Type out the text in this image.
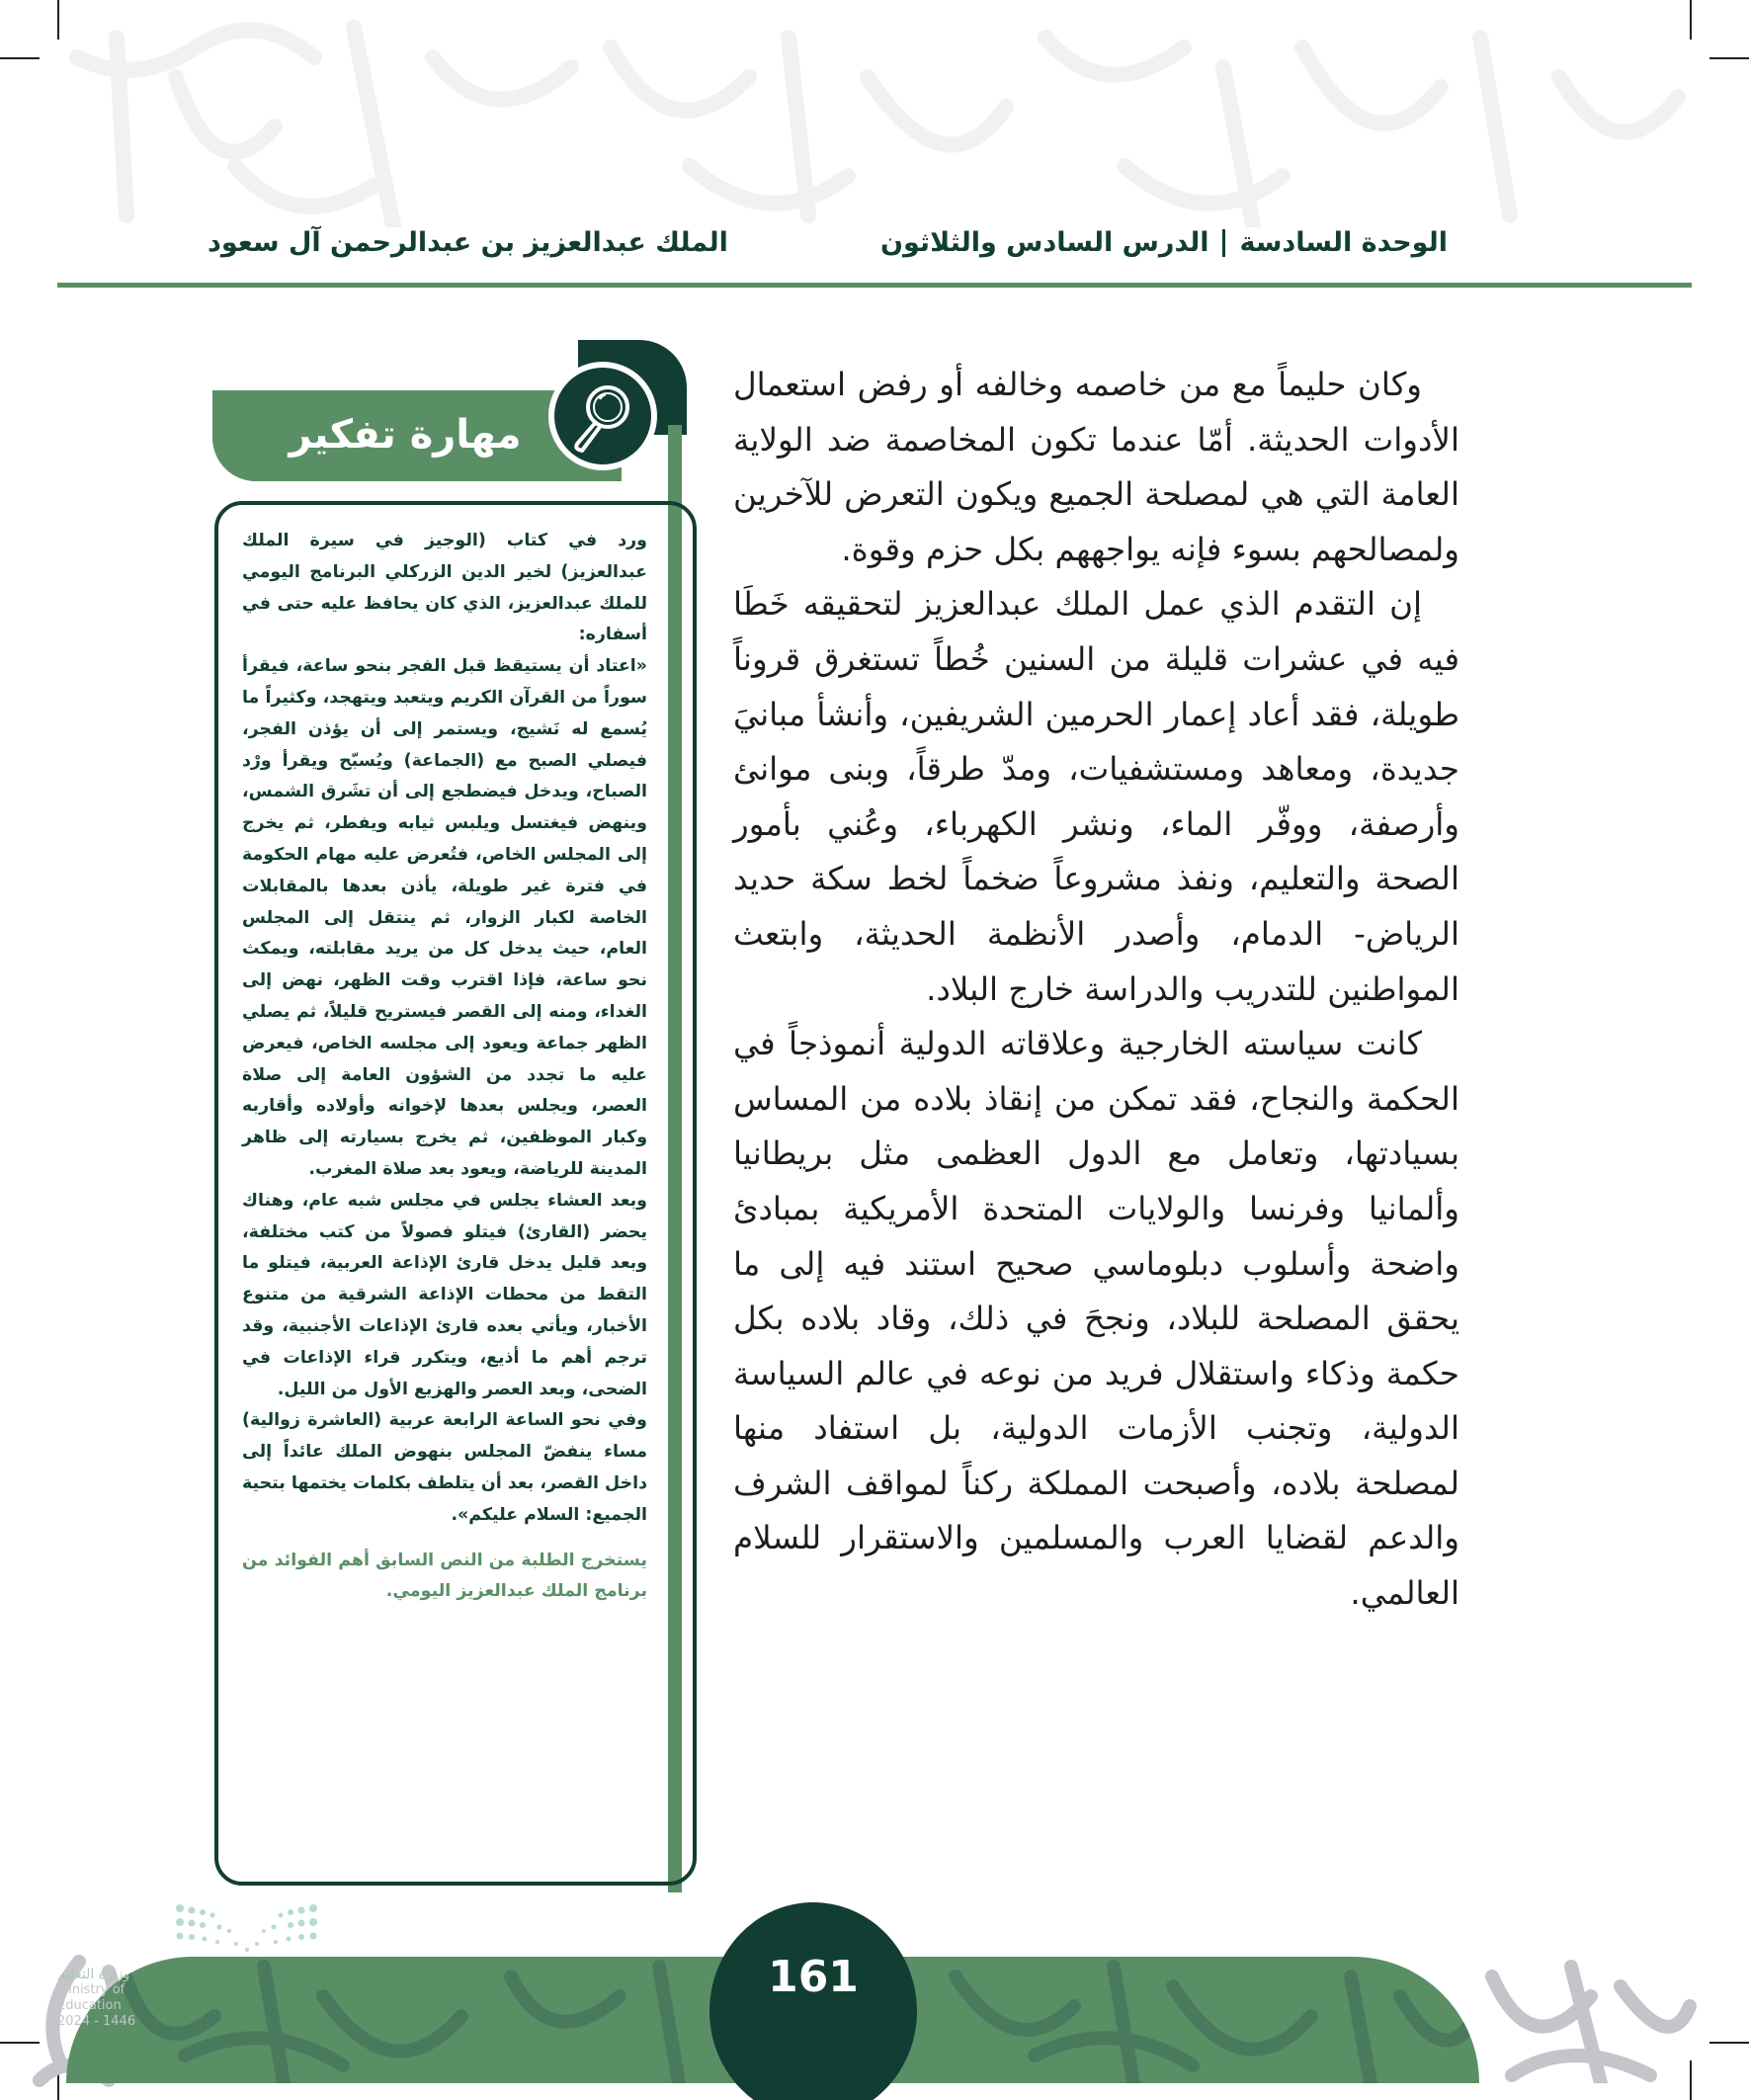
الوحدة السادسةالدرس السادس والثلاثون
الملك عبدالعزيز بن عبدالرحمن آل سعود

وكان حليماً مع من خاصمه وخالفه أو رفض استعمال الأدوات الحديثة. أمّا عندما تكون المخاصمة ضد الولاية العامة التي هي لمصلحة الجميع ويكون التعرض للآخرين ولمصالحهم بسوء فإنه يواجههم بكل حزم وقوة.

إن التقدم الذي عمل الملك عبدالعزيز لتحقيقه خَطَا فيه في عشرات قليلة من السنين خُطاً تستغرق قروناً طويلة، فقد أعاد إعمار الحرمين الشريفين، وأنشأ مبانيَ جديدة، ومعاهد ومستشفيات، ومدّ طرقاً، وبنى موانئ وأرصفة، ووفّر الماء، ونشر الكهرباء، وعُني بأمور الصحة والتعليم، ونفذ مشروعاً ضخماً لخط سكة حديد الرياض- الدمام، وأصدر الأنظمة الحديثة، وابتعث المواطنين للتدريب والدراسة خارج البلاد.

كانت سياسته الخارجية وعلاقاته الدولية أنموذجاً في الحكمة والنجاح، فقد تمكن من إنقاذ بلاده من المساس بسيادتها، وتعامل مع الدول العظمى مثل بريطانيا وألمانيا وفرنسا والولايات المتحدة الأمريكية بمبادئ واضحة وأسلوب دبلوماسي صحيح استند فيه إلى ما يحقق المصلحة للبلاد، ونجحَ في ذلك، وقاد بلاده بكل حكمة وذكاء واستقلال فريد من نوعه في عالم السياسة الدولية، وتجنب الأزمات الدولية، بل استفاد منها لمصلحة بلاده، وأصبحت المملكة ركناً لمواقف الشرف والدعم لقضايا العرب والمسلمين والاستقرار للسلام العالمي.

مهارة تفكير

ورد في كتاب (الوجيز في سيرة الملك عبدالعزيز) لخير الدين الزركلي البرنامج اليومي للملك عبدالعزيز، الذي كان يحافظ عليه حتى في أسفاره:

«اعتاد أن يستيقظ قبل الفجر بنحو ساعة، فيقرأ سوراً من القرآن الكريم ويتعبد ويتهجد، وكثيراً ما يُسمع له نَشيج، ويستمر إلى أن يؤذن الفجر، فيصلي الصبح مع (الجماعة) ويُسبّح ويقرأ ورْد الصباح، ويدخل فيضطجع إلى أن تشَرق الشمس، وينهض فيغتسل ويلبس ثيابه ويفطر، ثم يخرج إلى المجلس الخاص، فتُعرض عليه مهام الحكومة في فترة غير طويلة، يأذن بعدها بالمقابلات الخاصة لكبار الزوار، ثم ينتقل إلى المجلس العام، حيث يدخل كل من يريد مقابلته، ويمكث نحو ساعة، فإذا اقترب وقت الظهر، نهض إلى الغداء، ومنه إلى القصر فيستريح قليلاً، ثم يصلي الظهر جماعة ويعود إلى مجلسه الخاص، فيعرض عليه ما تجدد من الشؤون العامة إلى صلاة العصر، ويجلس بعدها لإخوانه وأولاده وأقاربه وكبار الموظفين، ثم يخرج بسيارته إلى ظاهر المدينة للرياضة، ويعود بعد صلاة المغرب.

وبعد العشاء يجلس في مجلس شبه عام، وهناك يحضر (القارئ) فيتلو فصولاً من كتب مختلفة، وبعد قليل يدخل قارئ الإذاعة العربية، فيتلو ما التقط من محطات الإذاعة الشرقية من متنوع الأخبار، ويأتي بعده قارئ الإذاعات الأجنبية، وقد ترجم أهم ما أذيع، ويتكرر قراء الإذاعات في الضحى، وبعد العصر والهزيع الأول من الليل.

وفي نحو الساعة الرابعة عربية (العاشرة زوالية) مساء ينفضّ المجلس بنهوض الملك عائداً إلى داخل القصر، بعد أن يتلطف بكلمات يختمها بتحية الجميع: السلام عليكم».

يستخرج الطلبة من النص السابق أهم الفوائد من برنامج الملك عبدالعزيز اليومي.

وزارة التعليم
Ministry of Education
2024 - 1446
161
